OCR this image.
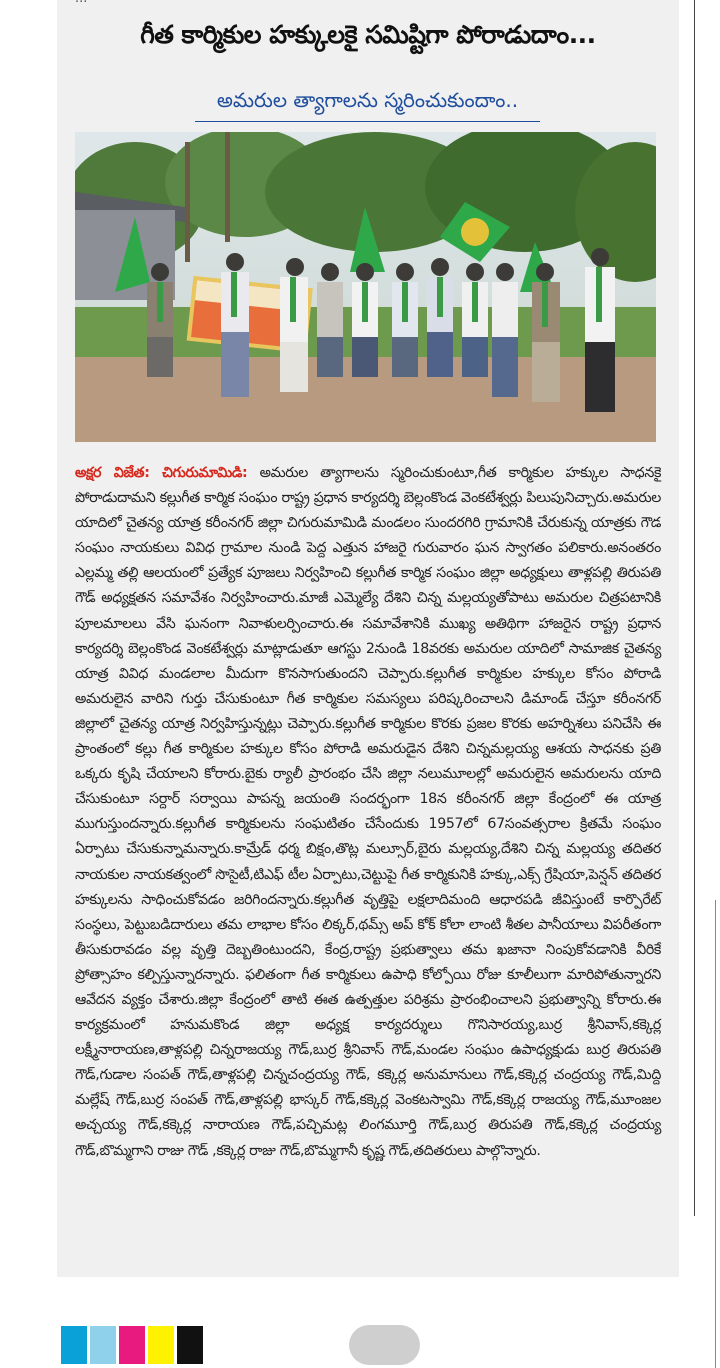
గీత కార్మికుల హక్కులకై సమిష్టిగా పోరాడుదాం...
అమరుల త్యాగాలను స్మరించుకుందాం..
అక్షర విజేత: చిగురుమామిడి: అమరుల త్యాగాలను స్మరించుకుంటూ,గీత కార్మికుల హక్కుల సాధనకై పోరాడుదామని కల్లుగీత కార్మిక సంఘం రాష్ట్ర ప్రధాన కార్యదర్శి బెల్లంకొండ వెంకటేశ్వర్లు పిలుపునిచ్చారు.అమరుల యాదిలో చైతన్య యాత్ర కరీంనగర్ జిల్లా చిగురుమామిడి మండలం సుందరగిరి గ్రామానికి చేరుకున్న యాత్రకు గౌడ సంఘం నాయకులు వివిధ గ్రామాల నుండి పెద్ద ఎత్తున హాజరై గురువారం ఘన స్వాగతం పలికారు.అనంతరం ఎల్లమ్మ తల్లి ఆలయంలో ప్రత్యేక పూజలు నిర్వహించి కల్లుగీత కార్మిక సంఘం జిల్లా అధ్యక్షులు తాళ్లపల్లి తిరుపతి గౌడ్ అధ్యక్షతన సమావేశం నిర్వహించారు.మాజీ ఎమ్మెల్యే దేశిని చిన్న మల్లయ్యతోపాటు అమరుల చిత్రపటానికి పూలమాలలు వేసి ఘనంగా నివాళులర్పించారు.ఈ సమావేశానికి ముఖ్య అతిథిగా హాజరైన రాష్ట్ర ప్రధాన కార్యదర్శి బెల్లంకొండ వెంకటేశ్వర్లు మాట్లాడుతూ ఆగస్టు 2నుండి 18వరకు అమరుల యాదిలో సామాజిక చైతన్య యాత్ర వివిధ మండలాల మీదుగా కొనసాగుతుందని చెప్పారు.కల్లుగీత కార్మికుల హక్కుల కోసం పోరాడి అమరులైన వారిని గుర్తు చేసుకుంటూ గీత కార్మికుల సమస్యలు పరిష్కరించాలని డిమాండ్ చేస్తూ కరీంనగర్ జిల్లాలో చైతన్య యాత్ర నిర్వహిస్తున్నట్లు చెప్పారు.కల్లుగీత కార్మికుల కొరకు ప్రజల కొరకు అహర్నిశలు పనిచేసి ఈ ప్రాంతంలో కల్లు గీత కార్మికుల హక్కుల కోసం పోరాడి అమరుడైన దేశిని చిన్నమల్లయ్య ఆశయ సాధనకు ప్రతి ఒక్కరు కృషి చేయాలని కోరారు.బైకు ర్యాలీ ప్రారంభం చేసి జిల్లా నలుమూలల్లో అమరులైన అమరులను యాది చేసుకుంటూ సర్దార్ సర్వాయి పాపన్న జయంతి సందర్భంగా 18న కరీంనగర్ జిల్లా కేంద్రంలో ఈ యాత్ర ముగుస్తుందన్నారు.కల్లుగీత కార్మికులను సంఘటితం చేసేందుకు 1957లో 67సంవత్సరాల క్రితమే సంఘం ఏర్పాటు చేసుకున్నామన్నారు.కామ్రేడ్ ధర్మ బిక్షం,తొట్ల మల్సూర్,బైరు మల్లయ్య,దేశిని చిన్న మల్లయ్య తదితర నాయకుల నాయకత్వంలో సొసైటీ,టిఎఫ్ టీల ఏర్పాటు,చెట్టుపై గీత కార్మికునికి హక్కు,ఎక్స్ గ్రేషియా,పెన్షన్ తదితర హక్కులను సాధించుకోవడం జరిగిందన్నారు.కల్లుగీత వృత్తిపై లక్షలాదిమంది ఆధారపడి జీవిస్తుంటే కార్పొరేట్ సంస్థలు, పెట్టుబడిదారులు తమ లాభాల కోసం లిక్కర్,థమ్స్ అప్ కోక్ కోలా లాంటి శీతల పానీయాలు విపరీతంగా తీసుకురావడం వల్ల వృత్తి దెబ్బతింటుందని, కేంద్ర,రాష్ట్ర ప్రభుత్వాలు తమ ఖజానా నింపుకోవడానికి వీరికే ప్రోత్సాహం కల్పిస్తున్నారన్నారు. ఫలితంగా గీత కార్మికులు ఉపాధి కోల్పోయి రోజు కూలీలుగా మారిపోతున్నారని ఆవేదన వ్యక్తం చేశారు.జిల్లా కేంద్రంలో తాటి ఈత ఉత్పత్తుల పరిశ్రమ ప్రారంభించాలని ప్రభుత్వాన్ని కోరారు.ఈ కార్యక్రమంలో హనుమకొండ జిల్లా అధ్యక్ష కార్యదర్శులు గొనిసారయ్య,బుర్ర శ్రీనివాస్,కక్కెర్ల లక్ష్మీనారాయణ,తాళ్లపల్లి చిన్నరాజయ్య గౌడ్,బుర్ర శ్రీనివాస్ గౌడ్,మండల సంఘం ఉపాధ్యక్షుడు బుర్ర తిరుపతి గౌడ్,గుడాల సంపత్ గౌడ్,తాళ్లపల్లి చిన్నచంద్రయ్య గౌడ్, కక్కెర్ల అనుమానులు గౌడ్,కక్కెర్ల చంద్రయ్య గౌడ్,మిద్ది మల్లేష్ గౌడ్,బుర్ర సంపత్ గౌడ్,తాళ్లపల్లి భాస్కర్ గౌడ్,కక్కెర్ల వెంకటస్వామి గౌడ్,కక్కెర్ల రాజయ్య గౌడ్,మూంజల అచ్చయ్య గౌడ్,కక్కెర్ల నారాయణ గౌడ్,పచ్చిమట్ల లింగమూర్తి గౌడ్,బుర్ర తిరుపతి గౌడ్,కక్కెర్ల చంద్రయ్య గౌడ్,బొమ్మగాని రాజు గౌడ్ ,కక్కెర్ల రాజు గౌడ్,బొమ్మగానీ కృష్ణ గౌడ్,తదితరులు పాల్గొన్నారు.
